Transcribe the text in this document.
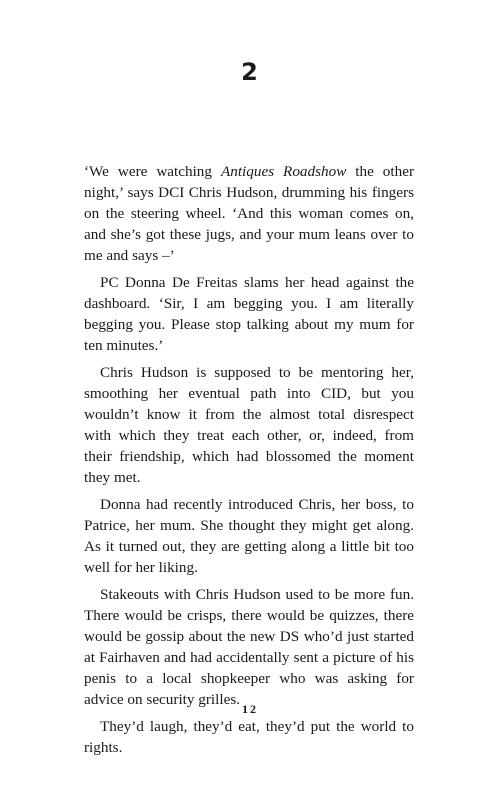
2

‘We were watching Antiques Roadshow the other night,’ says DCI Chris Hudson, drumming his fingers on the steering wheel. ‘And this woman comes on, and she’s got these jugs, and your mum leans over to me and says –’

PC Donna De Freitas slams her head against the dashboard. ‘Sir, I am begging you. I am literally begging you. Please stop talking about my mum for ten minutes.’

Chris Hudson is supposed to be mentoring her, smoothing her eventual path into CID, but you wouldn’t know it from the almost total disrespect with which they treat each other, or, indeed, from their friendship, which had blossomed the moment they met.

Donna had recently introduced Chris, her boss, to Patrice, her mum. She thought they might get along. As it turned out, they are getting along a little bit too well for her liking.

Stakeouts with Chris Hudson used to be more fun. There would be crisps, there would be quizzes, there would be gossip about the new DS who’d just started at Fairhaven and had accidentally sent a picture of his penis to a local shopkeeper who was asking for advice on security grilles.

They’d laugh, they’d eat, they’d put the world to rights.

12
